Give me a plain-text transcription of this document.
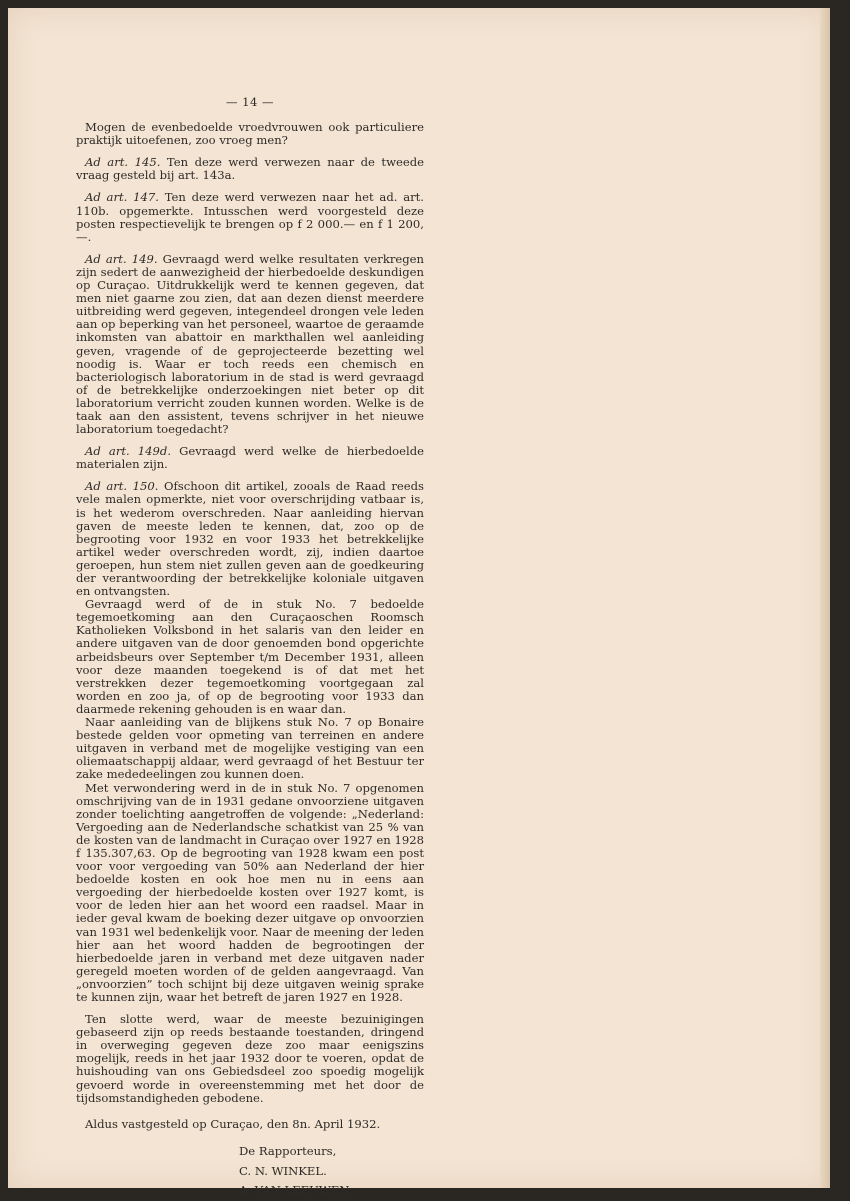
— 14 —

Mogen de evenbedoelde vroedvrouwen ook particuliere praktijk uitoefenen, zoo vroeg men?

Ad art. 145. Ten deze werd verwezen naar de tweede vraag gesteld bij art. 143a.

Ad art. 147. Ten deze werd verwezen naar het ad. art. 110b. opgemerkte. Intusschen werd voorgesteld deze posten respectievelijk te brengen op f 2 000.— en f 1 200,—.

Ad art. 149. Gevraagd werd welke resultaten verkregen zijn sedert de aanwezigheid der hierbedoelde deskundigen op Curaçao. Uitdrukkelijk werd te kennen gegeven, dat men niet gaarne zou zien, dat aan dezen dienst meerdere uitbreiding werd gegeven, integendeel drongen vele leden aan op beperking van het personeel, waartoe de geraamde inkomsten van abattoir en markthallen wel aanleiding geven, vragende of de geprojecteerde bezetting wel noodig is. Waar er toch reeds een chemisch en bacteriologisch laboratorium in de stad is werd gevraagd of de betrekkelijke onderzoekingen niet beter op dit laboratorium verricht zouden kunnen worden. Welke is de taak aan den assistent, tevens schrijver in het nieuwe laboratorium toegedacht?

Ad art. 149d. Gevraagd werd welke de hierbedoelde materialen zijn.

Ad art. 150. Ofschoon dit artikel, zooals de Raad reeds vele malen opmerkte, niet voor overschrijding vatbaar is, is het wederom overschreden. Naar aanleiding hiervan gaven de meeste leden te kennen, dat, zoo op de begrooting voor 1932 en voor 1933 het betrekkelijke artikel weder overschreden wordt, zij, indien daartoe geroepen, hun stem niet zullen geven aan de goedkeuring der verantwoording der betrekkelijke koloniale uitgaven en ontvangsten.

Gevraagd werd of de in stuk No. 7 bedoelde tegemoetkoming aan den Curaçaoschen Roomsch Katholieken Volksbond in het salaris van den leider en andere uitgaven van de door genoemden bond opgerichte arbeidsbeurs over September t/m December 1931, alleen voor deze maanden toegekend is of dat met het verstrekken dezer tegemoetkoming voortgegaan zal worden en zoo ja, of op de begrooting voor 1933 dan daarmede rekening gehouden is en waar dan.

Naar aanleiding van de blijkens stuk No. 7 op Bonaire bestede gelden voor opmeting van terreinen en andere uitgaven in verband met de mogelijke vestiging van een oliemaatschappij aldaar, werd gevraagd of het Bestuur ter zake mededeelingen zou kunnen doen.

Met verwondering werd in de in stuk No. 7 opgenomen omschrijving van de in 1931 gedane onvoorziene uitgaven zonder toelichting aangetroffen de volgende: „Nederland: Vergoeding aan de Nederlandsche schatkist van 25 % van de kosten van de landmacht in Curaçao over 1927 en 1928 f 135.307,63. Op de begrooting van 1928 kwam een post voor voor vergoeding van 50% aan Nederland der hier bedoelde kosten en ook hoe men nu in eens aan vergoeding der hierbedoelde kosten over 1927 komt, is voor de leden hier aan het woord een raadsel. Maar in ieder geval kwam de boeking dezer uitgave op onvoorzien van 1931 wel bedenkelijk voor. Naar de meening der leden hier aan het woord hadden de begrootingen der hierbedoelde jaren in verband met deze uitgaven nader geregeld moeten worden of de gelden aangevraagd. Van „onvoorzien” toch schijnt bij deze uitgaven weinig sprake te kunnen zijn, waar het betreft de jaren 1927 en 1928.

Ten slotte werd, waar de meeste bezuinigingen gebaseerd zijn op reeds bestaande toestanden, dringend in overweging gegeven deze zoo maar eenigszins mogelijk, reeds in het jaar 1932 door te voeren, opdat de huishouding van ons Gebiedsdeel zoo spoedig mogelijk gevoerd worde in overeenstemming met het door de tijdsomstandigheden gebodene.

Aldus vastgesteld op Curaçao, den 8n. April 1932.

De Rapporteurs,

C. N. WINKEL.

A. VAN LEEUWEN.
